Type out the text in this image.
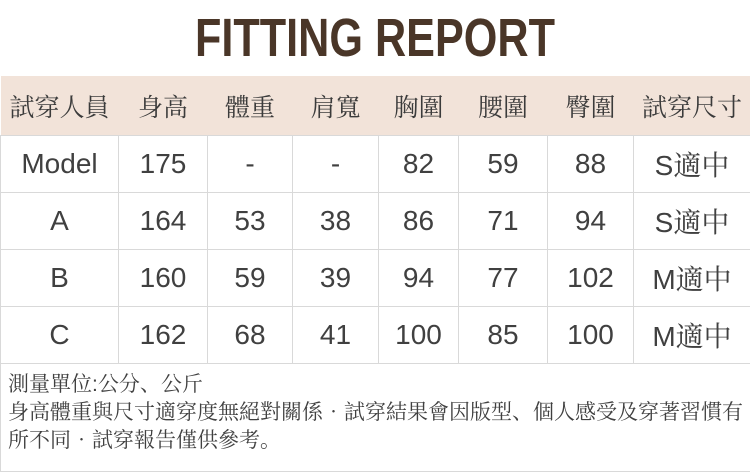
FITTING REPORT
試穿人員	身高	體重	肩寬	胸圍	腰圍	臀圍	試穿尺寸
Model	175	-	-	82	59	88	S適中
A	164	53	38	86	71	94	S適中
B	160	59	39	94	77	102	M適中
C	162	68	41	100	85	100	M適中

測量單位:公分、公斤

身高體重與尺寸適穿度無絕對關係‧試穿結果會因版型、個人感受及穿著習慣有所不同‧試穿報告僅供參考。							
